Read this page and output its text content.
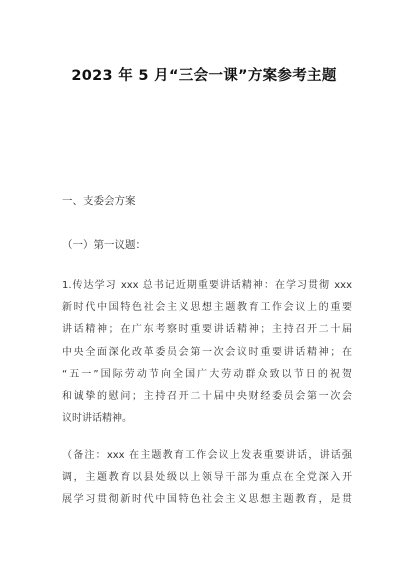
2023 年 5 月“三会一课”方案参考主题
一、支委会方案
（一）第一议题：
1.传达学习 xxx 总书记近期重要讲话精神：在学习贯彻 xxx
新时代中国特色社会主义思想主题教育工作会议上的重要
讲话精神；在广东考察时重要讲话精神；主持召开二十届
中央全面深化改革委员会第一次会议时重要讲话精神；在
“五一”国际劳动节向全国广大劳动群众致以节日的祝贺
和诚挚的慰问；主持召开二十届中央财经委员会第一次会
议时讲话精神。
（备注：xxx 在主题教育工作会议上发表重要讲话，讲话强
调，主题教育以县处级以上领导干部为重点在全党深入开
展学习贯彻新时代中国特色社会主义思想主题教育，是贯
